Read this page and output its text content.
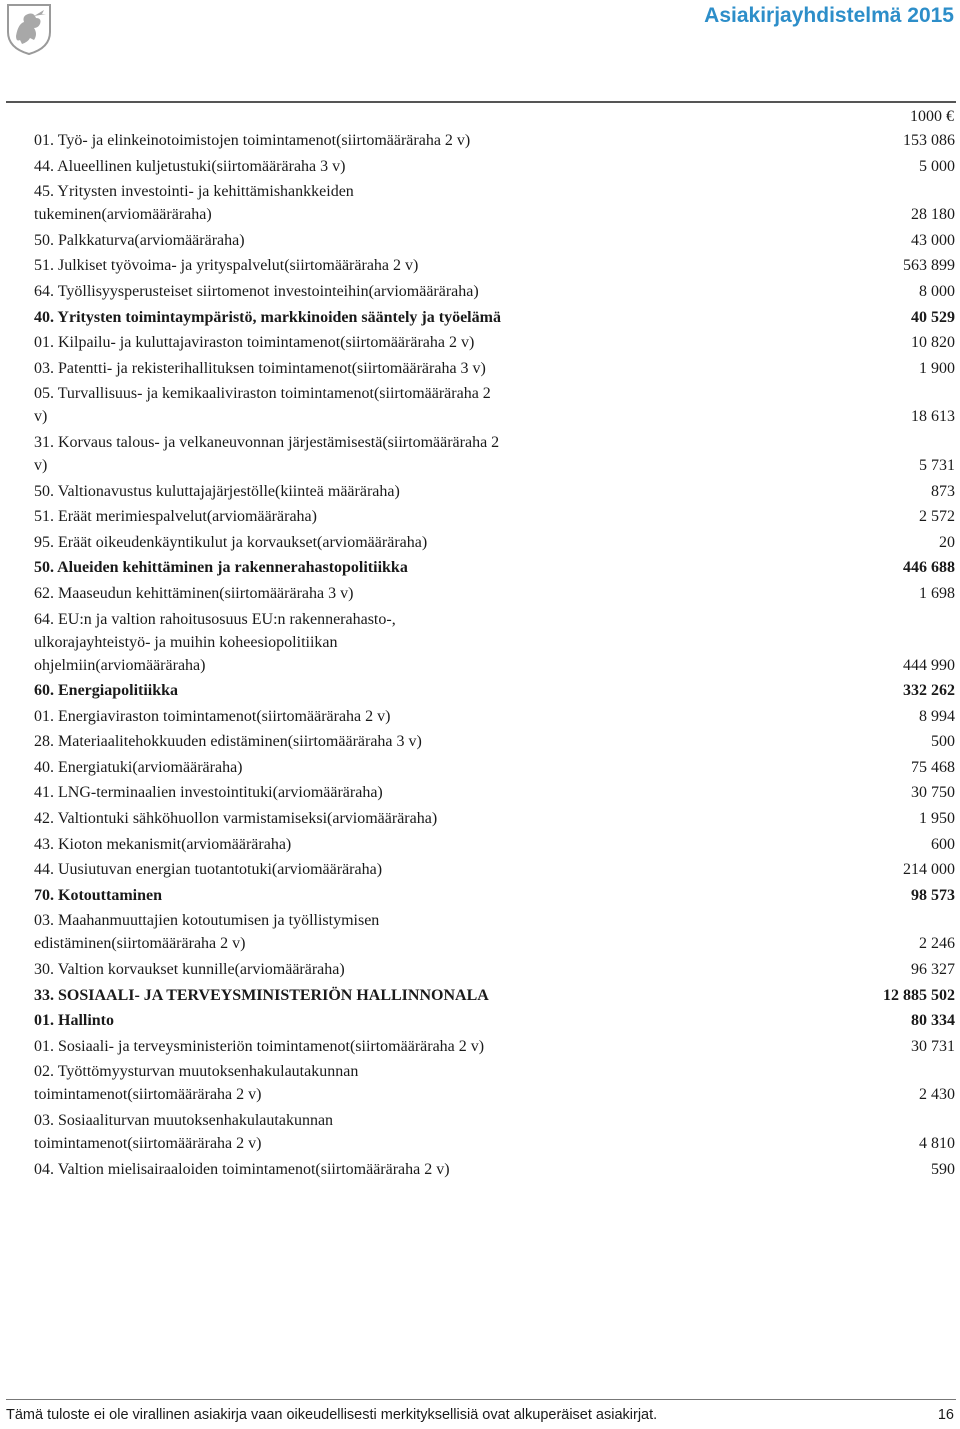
Asiakirjayhdistelmä 2015
1000 €
01. Työ- ja elinkeinotoimistojen toimintamenot(siirtomääräraha 2 v)	153 086
44. Alueellinen kuljetustuki(siirtomääräraha 3 v)	5 000
45. Yritysten investointi- ja kehittämishankkeiden tukeminen(arviomääräraha)	28 180
50. Palkkaturva(arviomääräraha)	43 000
51. Julkiset työvoima- ja yrityspalvelut(siirtomääräraha 2 v)	563 899
64. Työllisyysperusteiset siirtomenot investointeihin(arviomääräraha)	8 000
40. Yritysten toimintaympäristö, markkinoiden sääntely ja työelämä	40 529
01. Kilpailu- ja kuluttajaviraston toimintamenot(siirtomääräraha 2 v)	10 820
03. Patentti- ja rekisterihallituksen toimintamenot(siirtomääräraha 3 v)	1 900
05. Turvallisuus- ja kemikaaliviraston toimintamenot(siirtomääräraha 2 v)	18 613
31. Korvaus talous- ja velkaneuvonnan järjestämisestä(siirtomääräraha 2 v)	5 731
50. Valtionavustus kuluttajajärjestölle(kiinteä määräraha)	873
51. Eräät merimiespalvelut(arviomääräraha)	2 572
95. Eräät oikeudenkäyntikulut ja korvaukset(arviomääräraha)	20
50. Alueiden kehittäminen ja rakennerahastopolitiikka	446 688
62. Maaseudun kehittäminen(siirtomääräraha 3 v)	1 698
64. EU:n ja valtion rahoitusosuus EU:n rakennerahasto-, ulkorajayhteistyö- ja muihin koheesiopolitiikan ohjelmiin(arviomääräraha)	444 990
60. Energiapolitiikka	332 262
01. Energiaviraston toimintamenot(siirtomääräraha 2 v)	8 994
28. Materiaalitehokkuuden edistäminen(siirtomääräraha 3 v)	500
40. Energiatuki(arviomääräraha)	75 468
41. LNG-terminaalien investointituki(arviomääräraha)	30 750
42. Valtiontuki sähköhuollon varmistamiseksi(arviomääräraha)	1 950
43. Kioton mekanismit(arviomääräraha)	600
44. Uusiutuvan energian tuotantotuki(arviomääräraha)	214 000
70. Kotouttaminen	98 573
03. Maahanmuuttajien kotoutumisen ja työllistymisen edistäminen(siirtomääräraha 2 v)	2 246
30. Valtion korvaukset kunnille(arviomääräraha)	96 327
33. SOSIAALI- JA TERVEYSMINISTERIÖN HALLINNONALA	12 885 502
01. Hallinto	80 334
01. Sosiaali- ja terveysministeriön toimintamenot(siirtomääräraha 2 v)	30 731
02. Työttömyysturvan muutoksenhakulautakunnan toimintamenot(siirtomääräraha 2 v)	2 430
03. Sosiaaliturvan muutoksenhakulautakunnan toimintamenot(siirtomääräraha 2 v)	4 810
04. Valtion mielisairaaloiden toimintamenot(siirtomääräraha 2 v)	590
Tämä tuloste ei ole virallinen asiakirja vaan oikeudellisesti merkityksellisiä ovat alkuperäiset asiakirjat.	16
